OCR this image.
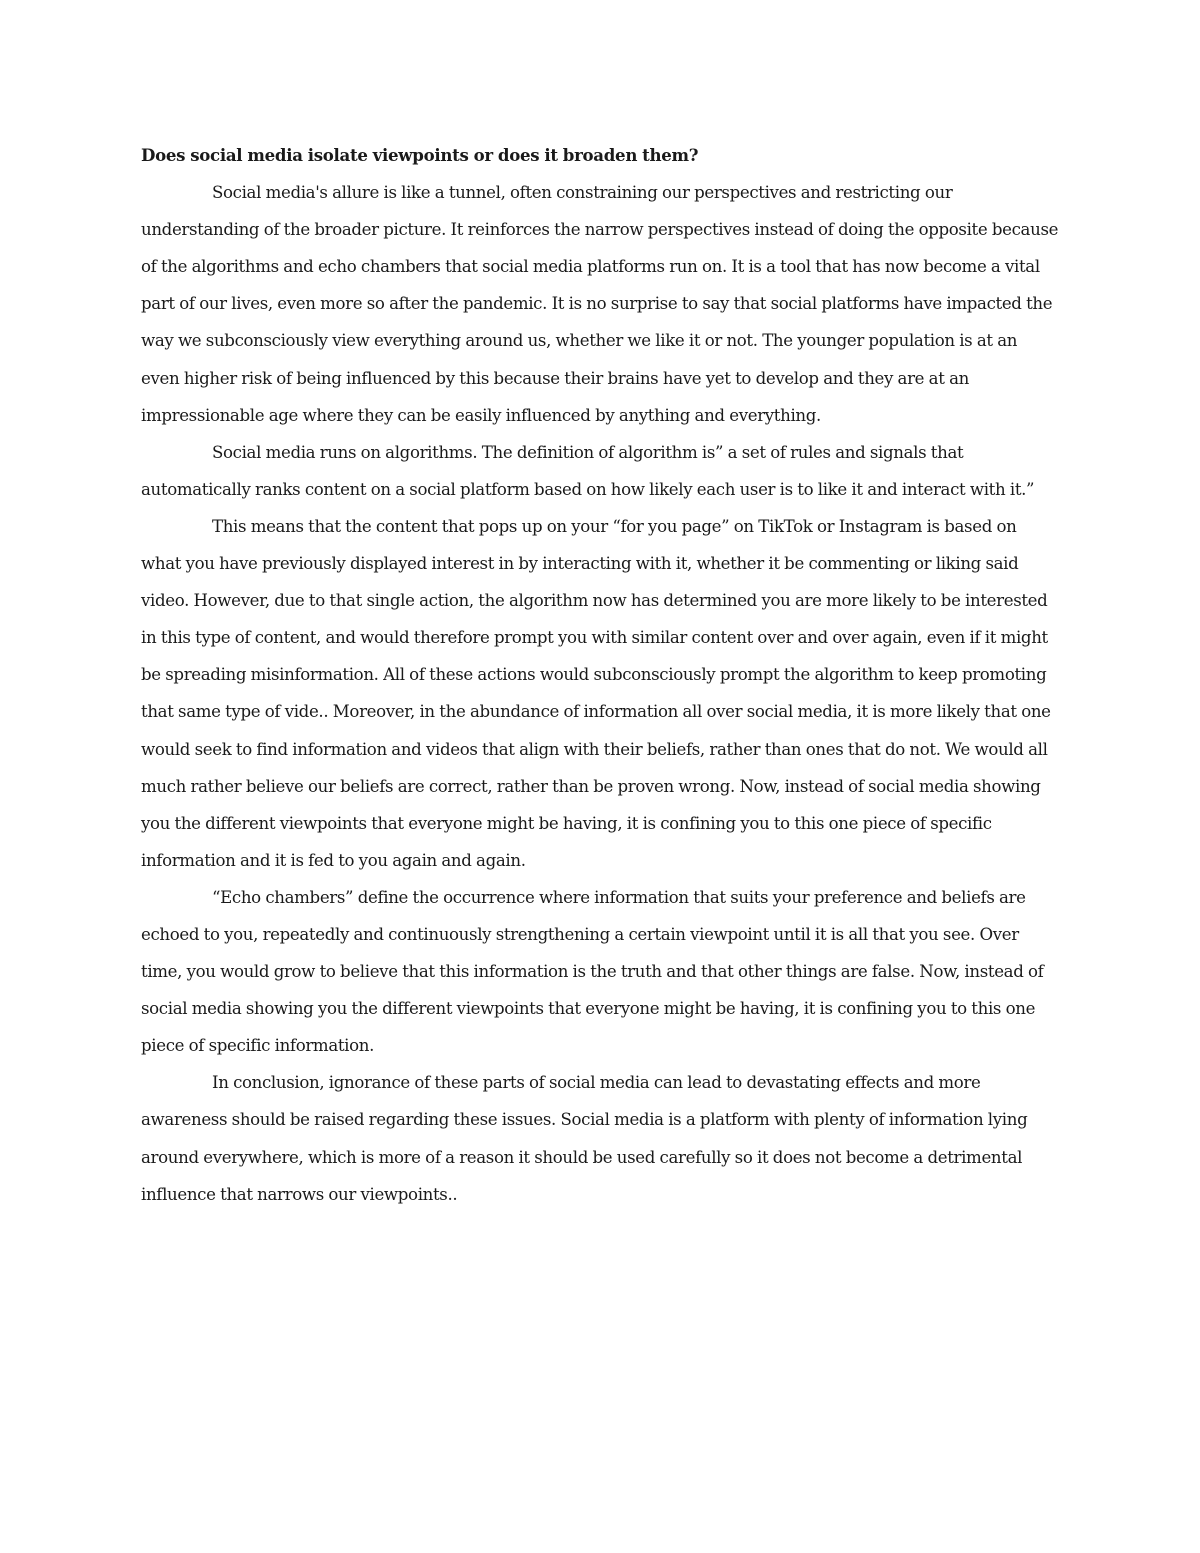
Does social media isolate viewpoints or does it broaden them?

Social media's allure is like a tunnel, often constraining our perspectives and restricting our understanding of the broader picture. It reinforces the narrow perspectives instead of doing the opposite because of the algorithms and echo chambers that social media platforms run on. It is a tool that has now become a vital part of our lives, even more so after the pandemic. It is no surprise to say that social platforms have impacted the way we subconsciously view everything around us, whether we like it or not. The younger population is at an even higher risk of being influenced by this because their brains have yet to develop and they are at an impressionable age where they can be easily influenced by anything and everything.

Social media runs on algorithms. The definition of algorithm is” a set of rules and signals that automatically ranks content on a social platform based on how likely each user is to like it and interact with it.”

This means that the content that pops up on your “for you page” on TikTok or Instagram is based on what you have previously displayed interest in by interacting with it, whether it be commenting or liking said video. However, due to that single action, the algorithm now has determined you are more likely to be interested in this type of content, and would therefore prompt you with similar content over and over again, even if it might be spreading misinformation. All of these actions would subconsciously prompt the algorithm to keep promoting that same type of vide.. Moreover, in the abundance of information all over social media, it is more likely that one would seek to find information and videos that align with their beliefs, rather than ones that do not. We would all much rather believe our beliefs are correct, rather than be proven wrong. Now, instead of social media showing you the different viewpoints that everyone might be having, it is confining you to this one piece of specific information and it is fed to you again and again.

“Echo chambers” define the occurrence where information that suits your preference and beliefs are echoed to you, repeatedly and continuously strengthening a certain viewpoint until it is all that you see. Over time, you would grow to believe that this information is the truth and that other things are false. Now, instead of social media showing you the different viewpoints that everyone might be having, it is confining you to this one piece of specific information.

In conclusion, ignorance of these parts of social media can lead to devastating effects and more awareness should be raised regarding these issues. Social media is a platform with plenty of information lying around everywhere, which is more of a reason it should be used carefully so it does not become a detrimental influence that narrows our viewpoints..
